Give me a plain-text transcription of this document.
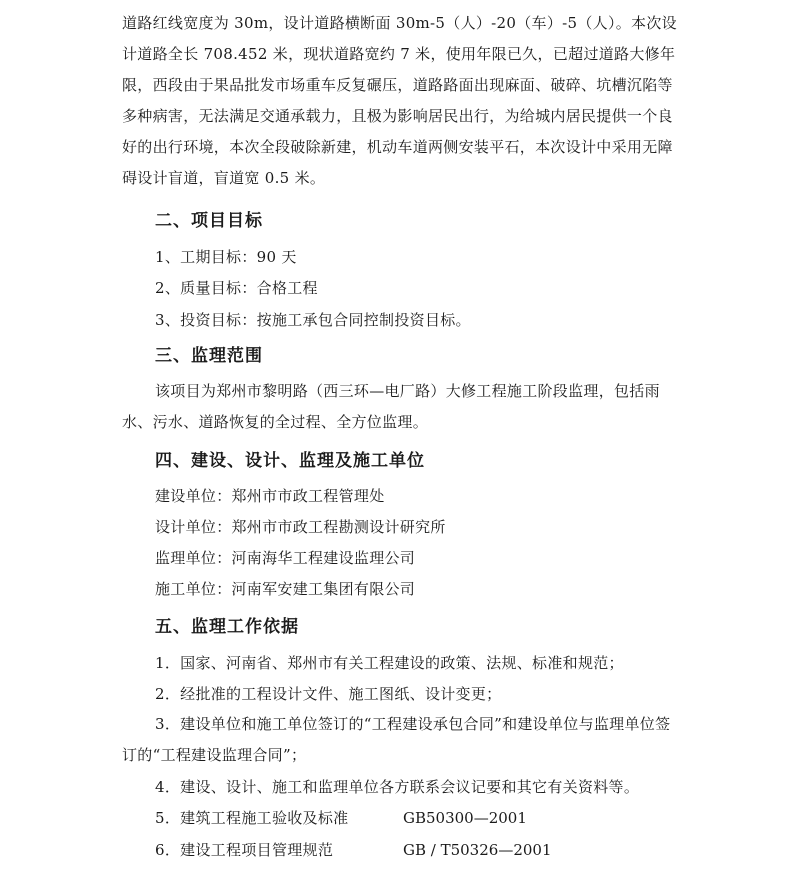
道路红线宽度为 30m，设计道路横断面 30m-5（人）-20（车）-5（人）。本次设计道路全长 708.452 米，现状道路宽约 7 米，使用年限已久，已超过道路大修年限，西段由于果品批发市场重车反复碾压，道路路面出现麻面、破碎、坑槽沉陷等多种病害，无法满足交通承载力，且极为影响居民出行，为给城内居民提供一个良好的出行环境，本次全段破除新建，机动车道两侧安装平石，本次设计中采用无障碍设计盲道，盲道宽 0.5 米。

二、项目目标

1、工期目标：90 天

2、质量目标：合格工程

3、投资目标：按施工承包合同控制投资目标。

三、监理范围

该项目为郑州市黎明路（西三环—电厂路）大修工程施工阶段监理，包括雨水、污水、道路恢复的全过程、全方位监理。

四、建设、设计、监理及施工单位

建设单位：郑州市市政工程管理处

设计单位：郑州市市政工程勘测设计研究所

监理单位：河南海华工程建设监理公司

施工单位：河南军安建工集团有限公司

五、监理工作依据

1．国家、河南省、郑州市有关工程建设的政策、法规、标准和规范；

2．经批准的工程设计文件、施工图纸、设计变更；

3．建设单位和施工单位签订的“工程建设承包合同”和建设单位与监理单位签订的“工程建设监理合同”；

4．建设、设计、施工和监理单位各方联系会议记要和其它有关资料等。

5．建筑工程施工验收及标准	GB50300—2001

6．建设工程项目管理规范	GB / T50326—2001
